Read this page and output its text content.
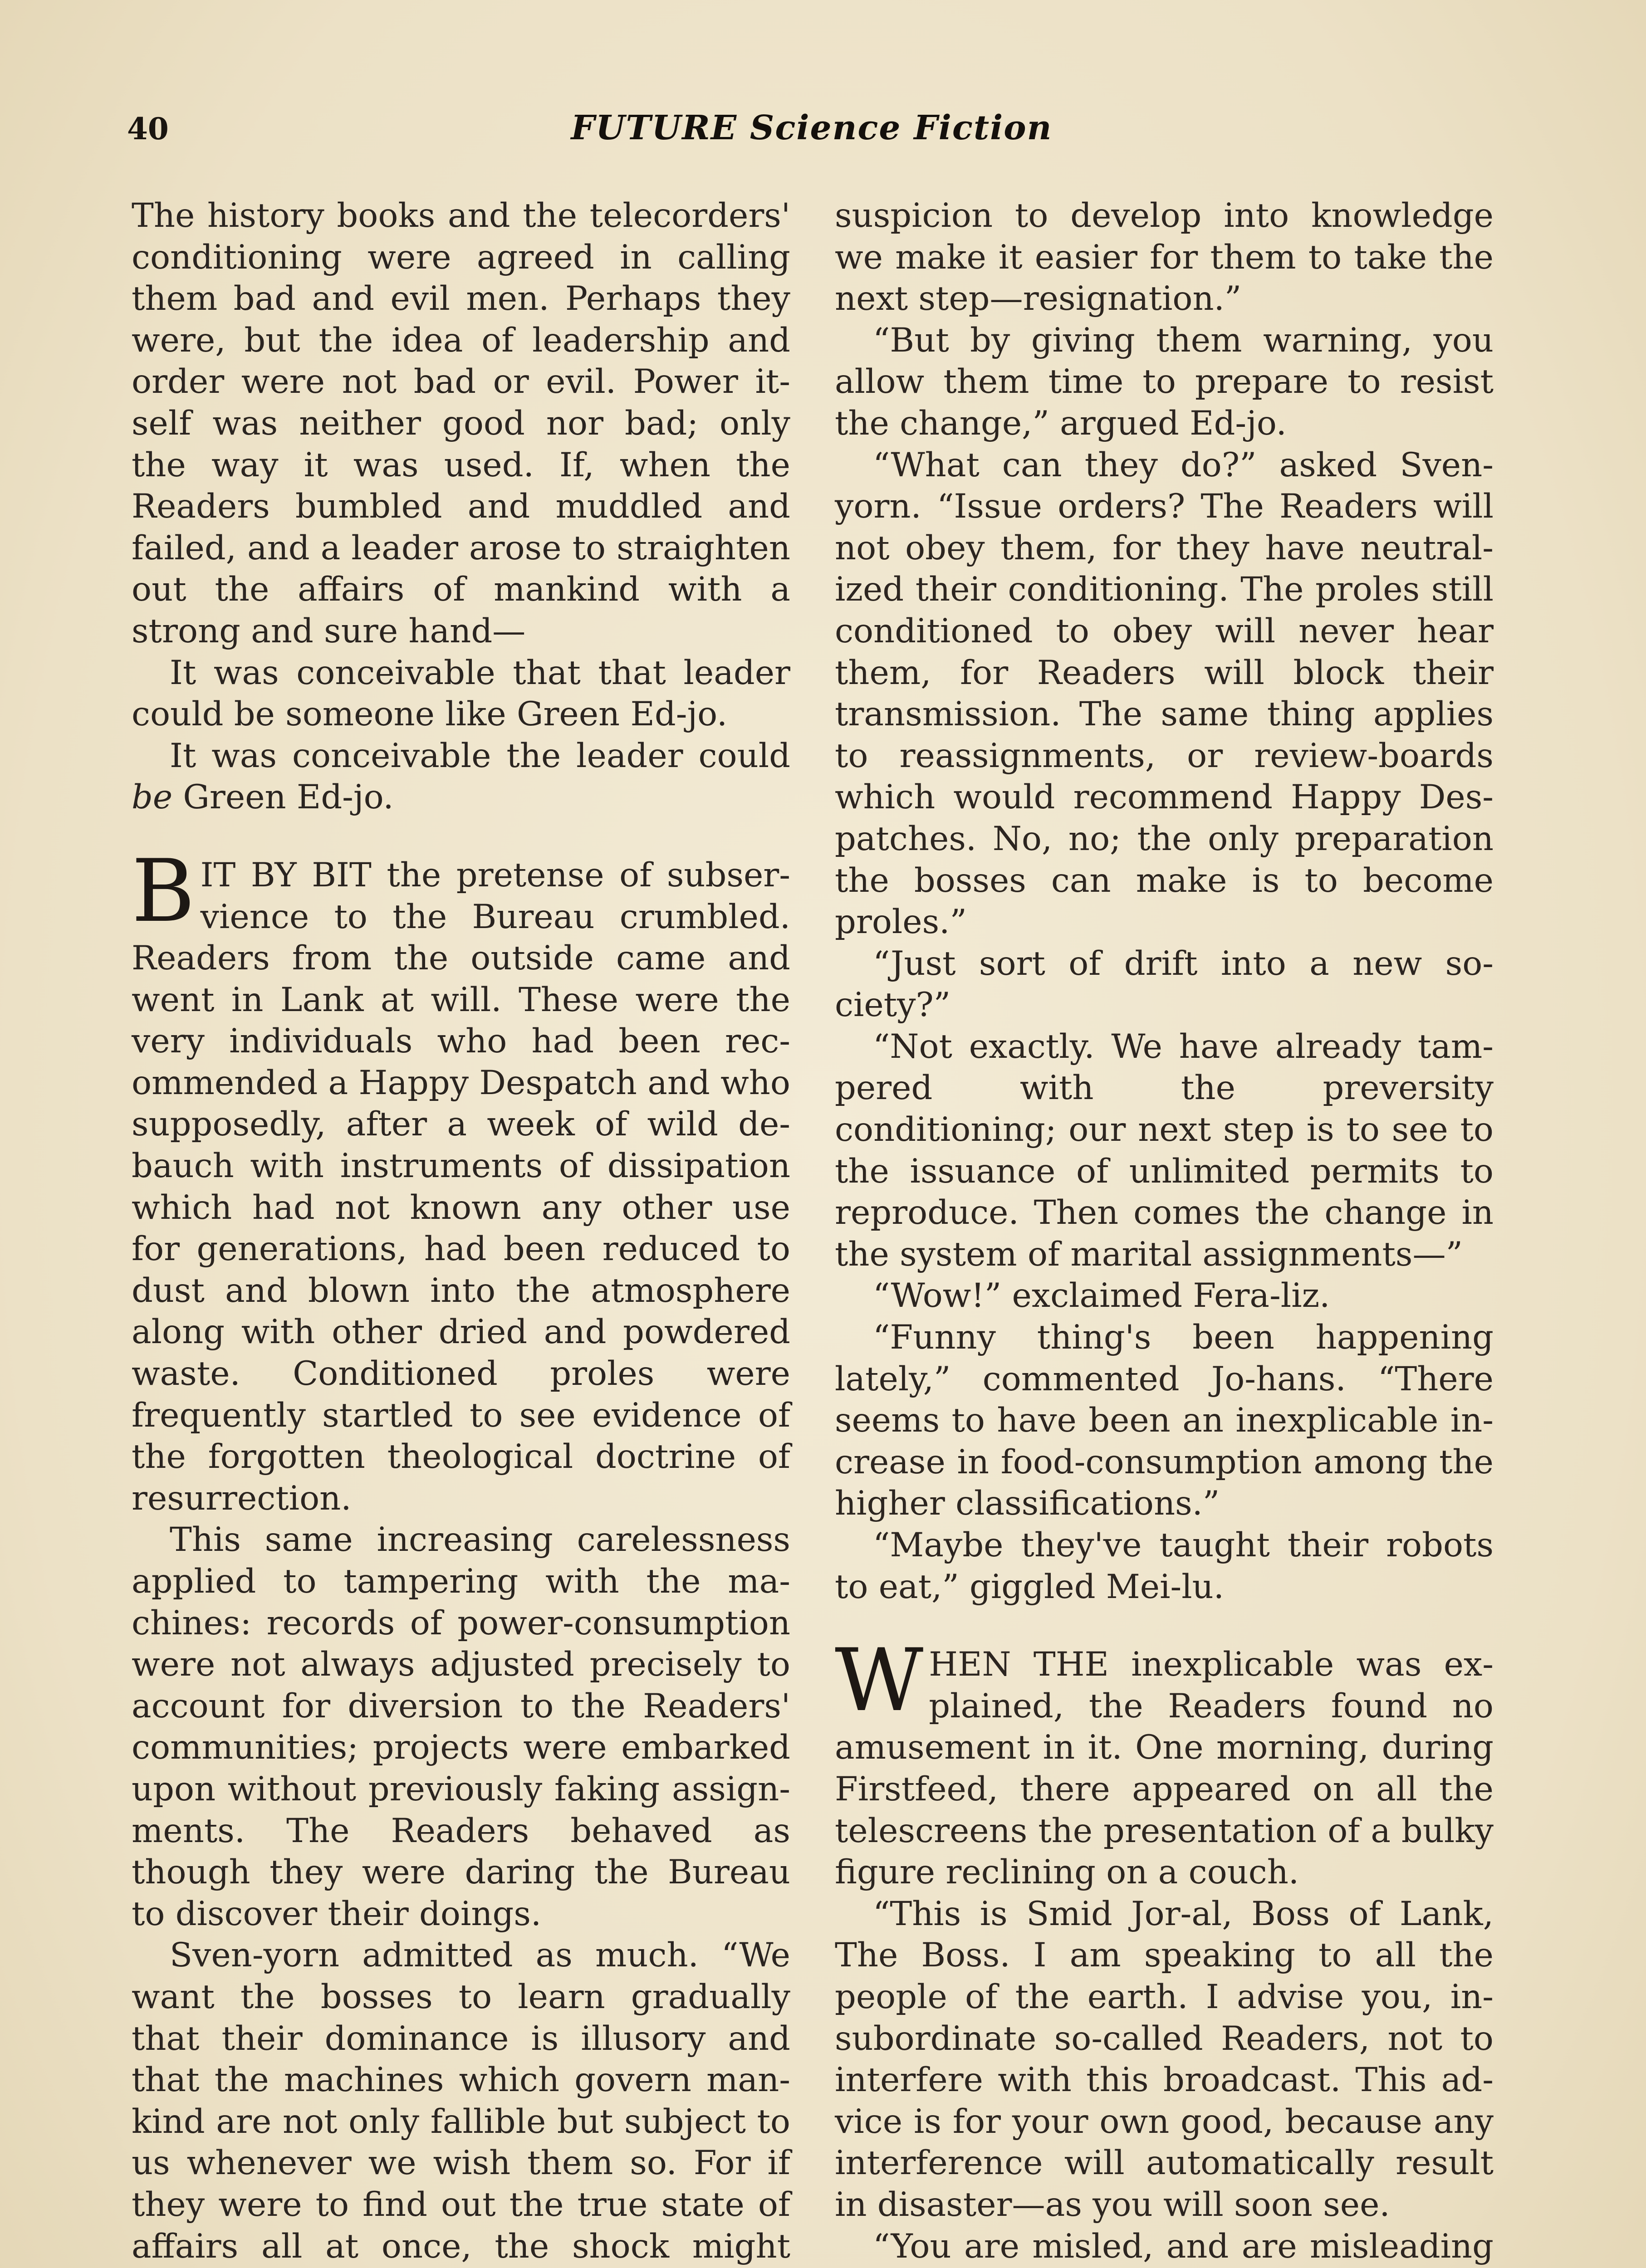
40	FUTURE Science Fiction

The history books and the telecorders' conditioning were agreed in calling them bad and evil men. Perhaps they were, but the idea of leadership and order were not bad or evil. Power itself was neither good nor bad; only the way it was used. If, when the Readers bumbled and muddled and failed, and a leader arose to straighten out the affairs of mankind with a strong and sure hand—

It was conceivable that that leader could be someone like Green Ed-jo.

It was conceivable the leader could be Green Ed-jo.

BIT BY BIT the pretense of subservience to the Bureau crumbled. Readers from the outside came and went in Lank at will. These were the very individuals who had been recommended a Happy Despatch and who supposedly, after a week of wild debauch with instruments of dissipation which had not known any other use for generations, had been reduced to dust and blown into the atmosphere along with other dried and powdered waste. Conditioned proles were frequently startled to see evidence of the forgotten theological doctrine of resurrection.

This same increasing carelessness applied to tampering with the machines: records of power-consumption were not always adjusted precisely to account for diversion to the Readers' communities; projects were embarked upon without previously faking assignments. The Readers behaved as though they were daring the Bureau to discover their doings.

Sven-yorn admitted as much. “We want the bosses to learn gradually that their dominance is illusory and that the machines which govern mankind are not only fallible but subject to us whenever we wish them so. For if they were to find out the true state of affairs all at once, the shock might

suspicion to develop into knowledge we make it easier for them to take the next step—resignation.”

“But by giving them warning, you allow them time to prepare to resist the change,” argued Ed-jo.

“What can they do?” asked Svenyorn. “Issue orders? The Readers will not obey them, for they have neutralized their conditioning. The proles still conditioned to obey will never hear them, for Readers will block their transmission. The same thing applies to reassignments, or review-boards which would recommend Happy Despatches. No, no; the only preparation the bosses can make is to become proles.”

“Just sort of drift into a new society?”

“Not exactly. We have already tampered with the preversity conditioning; our next step is to see to the issuance of unlimited permits to reproduce. Then comes the change in the system of marital assignments—”

“Wow!” exclaimed Fera-liz.

“Funny thing's been happening lately,” commented Jo-hans. “There seems to have been an inexplicable increase in food-consumption among the higher classifications.”

“Maybe they've taught their robots to eat,” giggled Mei-lu.

WHEN THE inexplicable was explained, the Readers found no amusement in it. One morning, during Firstfeed, there appeared on all the telescreens the presentation of a bulky figure reclining on a couch.

“This is Smid Jor-al, Boss of Lank, The Boss. I am speaking to all the people of the earth. I advise you, insubordinate so-called Readers, not to interfere with this broadcast. This advice is for your own good, because any interference will automatically result in disaster—as you will soon see.

“You are misled, and are misleading
